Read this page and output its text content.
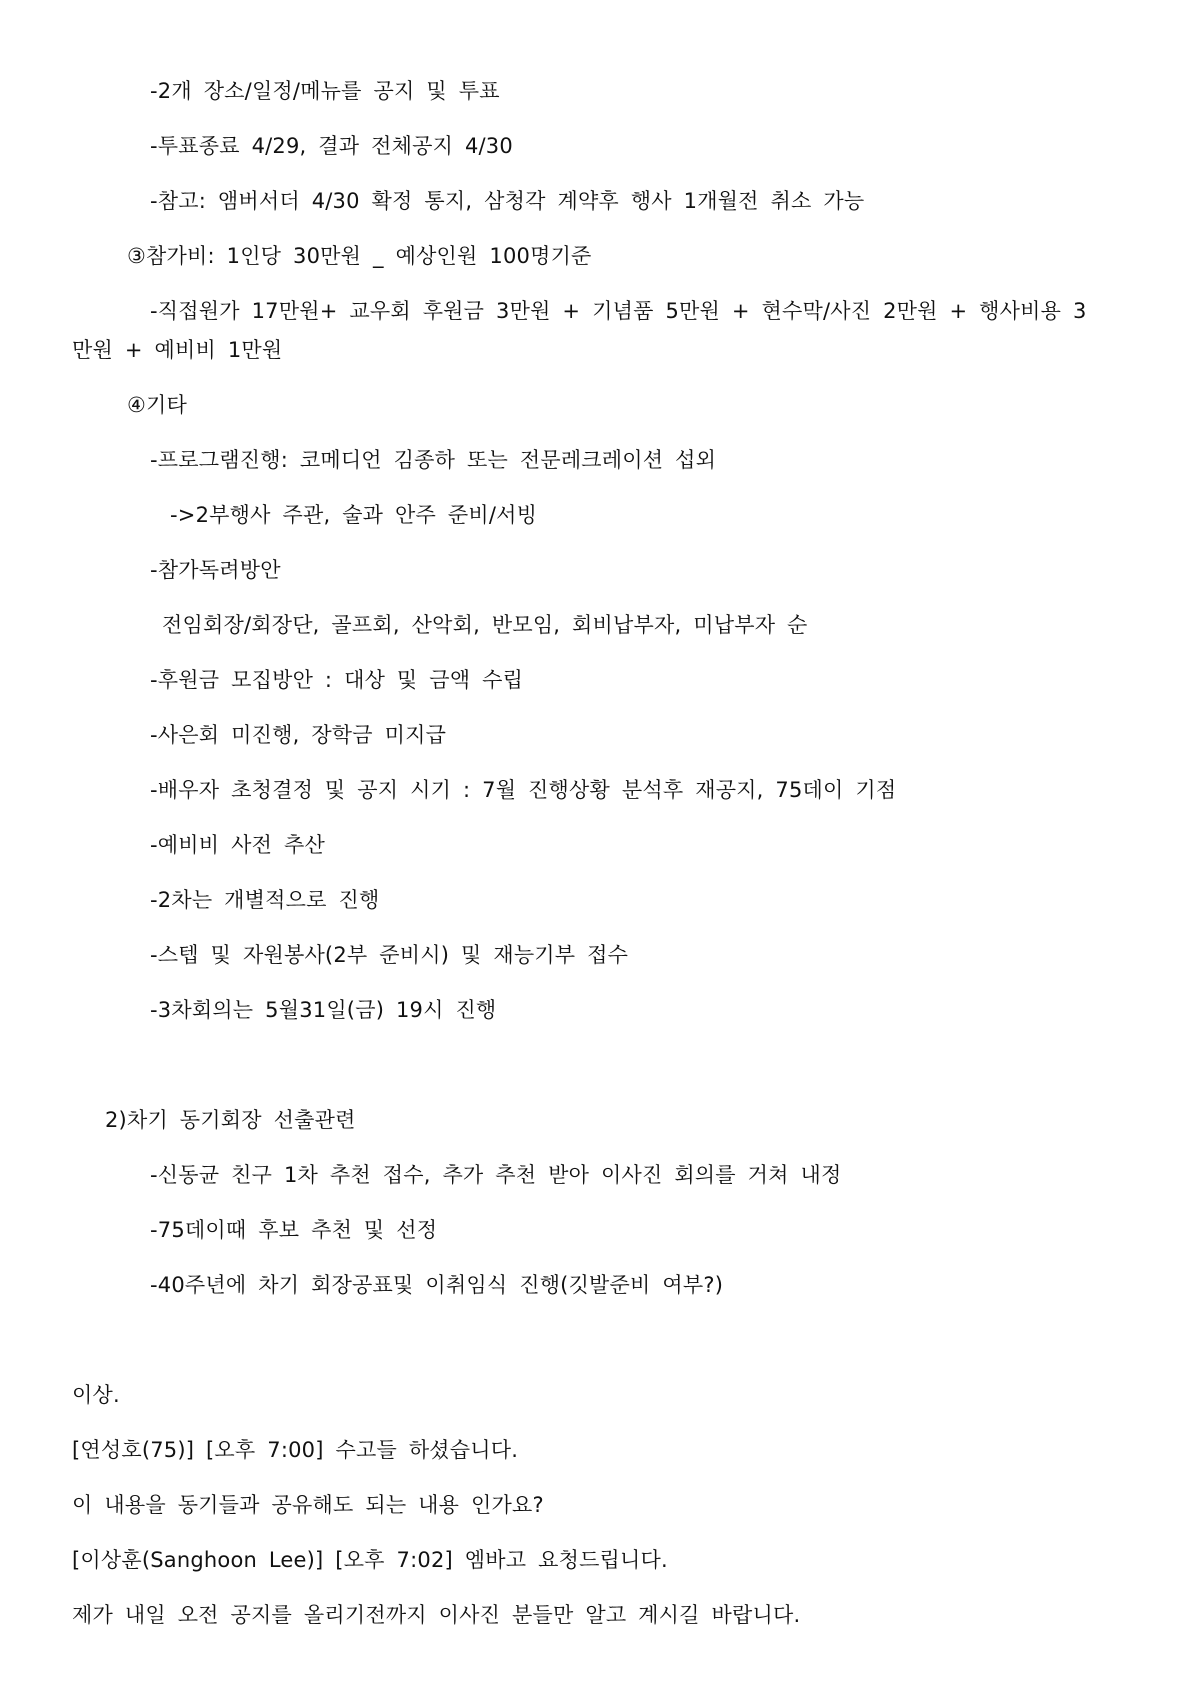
-2개 장소/일정/메뉴를 공지 및 투표
-투표종료 4/29, 결과 전체공지 4/30
-참고: 앰버서더 4/30 확정 통지, 삼청각 계약후 행사 1개월전 취소 가능
③참가비: 1인당 30만원 _ 예상인원 100명기준
-직접원가 17만원+ 교우회 후원금 3만원 + 기념품 5만원 + 현수막/사진 2만원 + 행사비용 3
만원 + 예비비 1만원
④기타
-프로그램진행: 코메디언 김종하 또는 전문레크레이션 섭외
->2부행사 주관, 술과 안주 준비/서빙
-참가독려방안
전임회장/회장단, 골프회, 산악회, 반모임, 회비납부자, 미납부자 순
-후원금 모집방안 : 대상 및 금액 수립
-사은회 미진행, 장학금 미지급
-배우자 초청결정 및 공지 시기 : 7월 진행상황 분석후 재공지, 75데이 기점
-예비비 사전 추산
-2차는 개별적으로 진행
-스텝 및 자원봉사(2부 준비시) 및 재능기부 접수
-3차회의는 5월31일(금) 19시 진행
2)차기 동기회장 선출관련
-신동균 친구 1차 추천 접수, 추가 추천 받아 이사진 회의를 거쳐 내정
-75데이때 후보 추천 및 선정
-40주년에 차기 회장공표및 이취임식 진행(깃발준비 여부?)
이상.
[연성호(75)] [오후 7:00] 수고들 하셨습니다.
이 내용을 동기들과 공유해도 되는 내용 인가요?
[이상훈(Sanghoon Lee)] [오후 7:02] 엠바고 요청드립니다.
제가 내일 오전 공지를 올리기전까지 이사진 분들만 알고 계시길 바랍니다.
